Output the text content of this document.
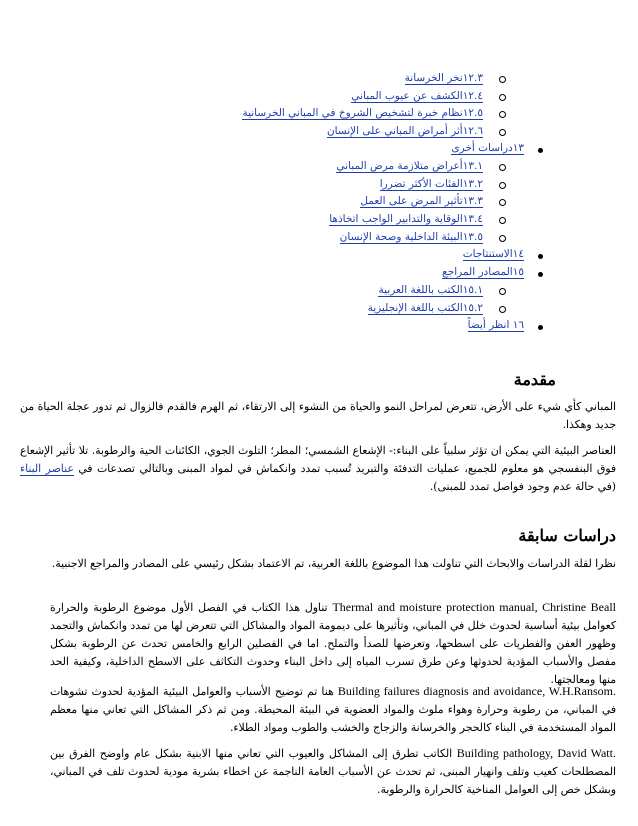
١٢.٣نخر الخرسانة
١٢.٤الكشف عن عيوب المباني
١٢.٥نظام خبرة لتشخيص الشروخ في المباني الخرسانية
١٢.٦أثر أمراض المباني على الإنسان
١٣دراسات أخرى
١٣.١أعراض متلازمة مرض المباني
١٣.٢الفئات الأكثر تضررا
١٣.٣تأثير المرض على العمل
١٣.٤الوقاية والتدابير الواجب اتخاذها
١٣.٥البيئة الداخلية وصحة الإنسان
١٤الاستنتاجات
١٥المصادر المراجع
١٥.١الكتب باللغة العربية
١٥.٢الكتب باللغة الإنجليزية
١٦ انظر أيضاً
مقدمة
المباني كأي شيء على الأرض، تتعرض لمراحل النمو والحياة من النشوء إلى الارتقاء، ثم الهرم فالقدم فالزوال ثم تدور عجلة الحياة من جديد وهكذا.
العناصر البيئية التي يمكن ان تؤثر سلبياً على البناء:- الإشعاع الشمسي؛ المطر؛ التلوث الجوي، الكائنات الحية والرطوبة. تلا تأثير الإشعاع فوق البنفسجي هو معلوم للجميع، عمليات التدفئة والتبريد تُسبب تمدد وانكماش في لمواد المبنى وبالتالي تصدعات في عناصر البناء (في حالة عدم وجود فواصل تمدد للمبنى).
دراسات سابقة
نظرا لقلة الدراسات والابحاث التي تناولت هذا الموضوع باللغة العربية، تم الاعتماد بشكل رئيسي على المصادر والمراجع الاجنبية.
Thermal and moisture protection manual, Christine Beall تناول هذا الكتاب في الفصل الأول موضوع الرطوبة والحرارة كعوامل بيئية أساسية لحدوث خلل في المباني، وتأثيرها على ديمومة المواد والمشاكل التي تتعرض لها من تمدد وانكماش والتجمد وظهور العفن والفطريات على اسطحها، وتعرضها للصدأ والتملح. اما في الفصلين الرابع والخامس تحدث عن الرطوبة بشكل مفصل والأسباب المؤدية لحدوثها وعن طرق تسرب المياه إلى داخل البناء وحدوث التكاثف على الاسطح الداخلية، وكيفية الحد منها ومعالجتها.
Building failures diagnosis and avoidance, W.H.Ransom. هنا تم توضيح الأسباب والعوامل البيئية المؤدية لحدوث تشوهات في المباني، من رطوبة وحرارة وهواء ملوث والمواد العضوية في البيئة المحيطة. ومن ثم ذكر المشاكل التي تعاني منها معظم المواد المستخدمة في البناء كالحجر والخرسانة والزجاج والخشب والطوب ومواد الطلاء.
Building pathology, David Watt. الكاتب تطرق إلى المشاكل والعيوب التي تعاني منها الابنية بشكل عام واوضح الفرق بين المصطلحات كعيب وتلف وانهيار المبنى، ثم تحدث عن الأسباب العامة الناجمة عن اخطاء بشرية مودية لحدوث تلف في المباني، وبشكل خص إلى العوامل المناخية كالحرارة والرطوبة.
